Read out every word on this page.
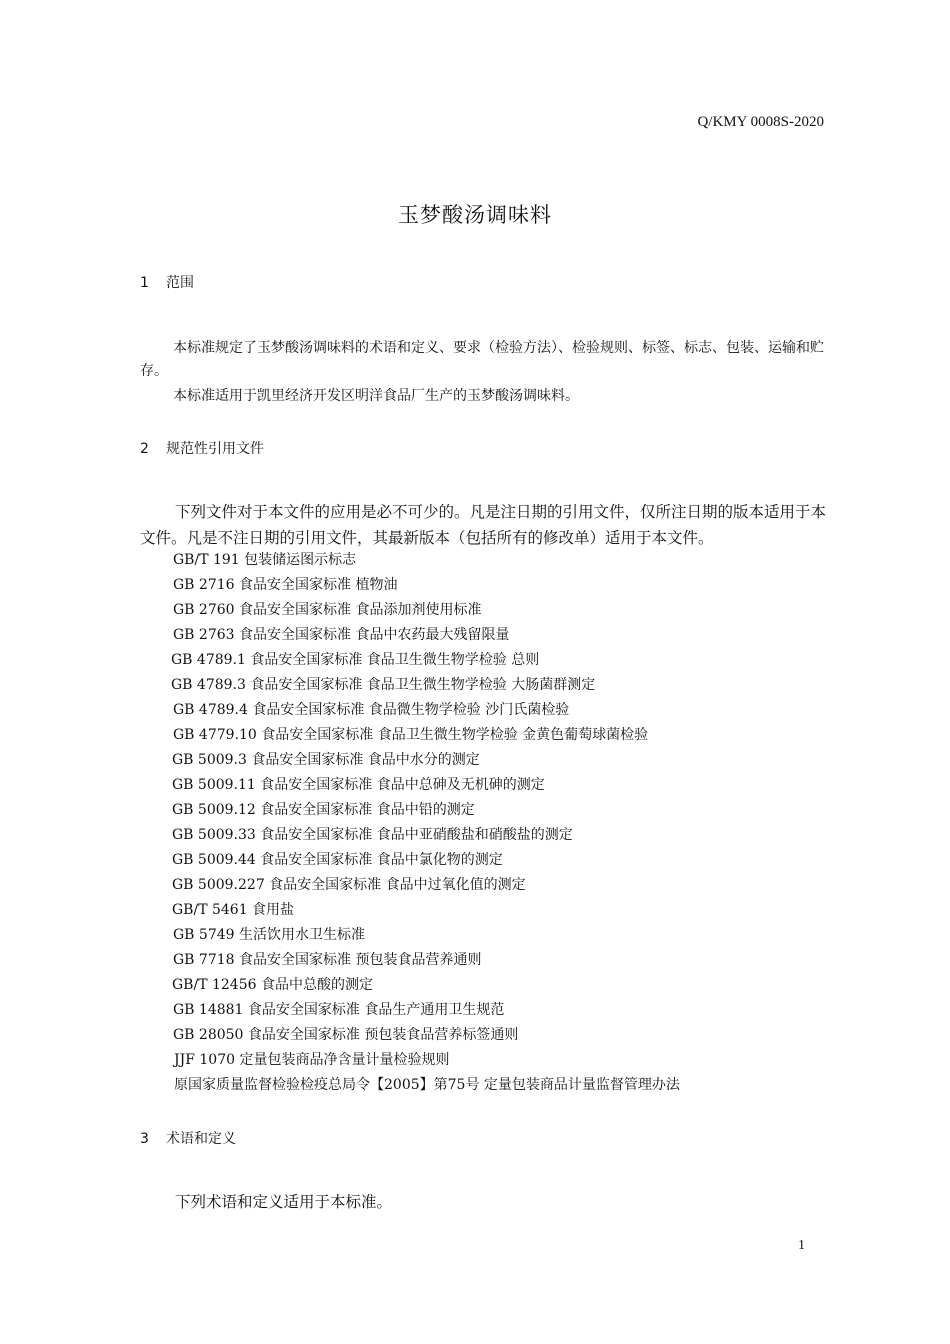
Q/KMY 0008S-2020
玉梦酸汤调味料
1 范围
本标准规定了玉梦酸汤调味料的术语和定义、要求（检验方法）、检验规则、标签、标志、包装、运输和贮存。
本标准适用于凯里经济开发区明洋食品厂生产的玉梦酸汤调味料。
2 规范性引用文件
下列文件对于本文件的应用是必不可少的。凡是注日期的引用文件，仅所注日期的版本适用于本文件。凡是不注日期的引用文件，其最新版本（包括所有的修改单）适用于本文件。
GB/T 191 包装储运图示标志
GB 2716 食品安全国家标准 植物油
GB 2760 食品安全国家标准 食品添加剂使用标准
GB 2763 食品安全国家标准 食品中农药最大残留限量
GB 4789.1 食品安全国家标准 食品卫生微生物学检验 总则
GB 4789.3 食品安全国家标准 食品卫生微生物学检验 大肠菌群测定
GB 4789.4 食品安全国家标准 食品微生物学检验 沙门氏菌检验
GB 4779.10 食品安全国家标准 食品卫生微生物学检验 金黄色葡萄球菌检验
GB 5009.3 食品安全国家标准 食品中水分的测定
GB 5009.11 食品安全国家标准 食品中总砷及无机砷的测定
GB 5009.12 食品安全国家标准 食品中铅的测定
GB 5009.33 食品安全国家标准 食品中亚硝酸盐和硝酸盐的测定
GB 5009.44 食品安全国家标准 食品中氯化物的测定
GB 5009.227 食品安全国家标准 食品中过氧化值的测定
GB/T 5461 食用盐
GB 5749 生活饮用水卫生标准
GB 7718 食品安全国家标准 预包装食品营养通则
GB/T 12456 食品中总酸的测定
GB 14881 食品安全国家标准 食品生产通用卫生规范
GB 28050 食品安全国家标准 预包装食品营养标签通则
JJF 1070 定量包装商品净含量计量检验规则
原国家质量监督检验检疫总局令【2005】第75号 定量包装商品计量监督管理办法
3 术语和定义
下列术语和定义适用于本标准。
1
